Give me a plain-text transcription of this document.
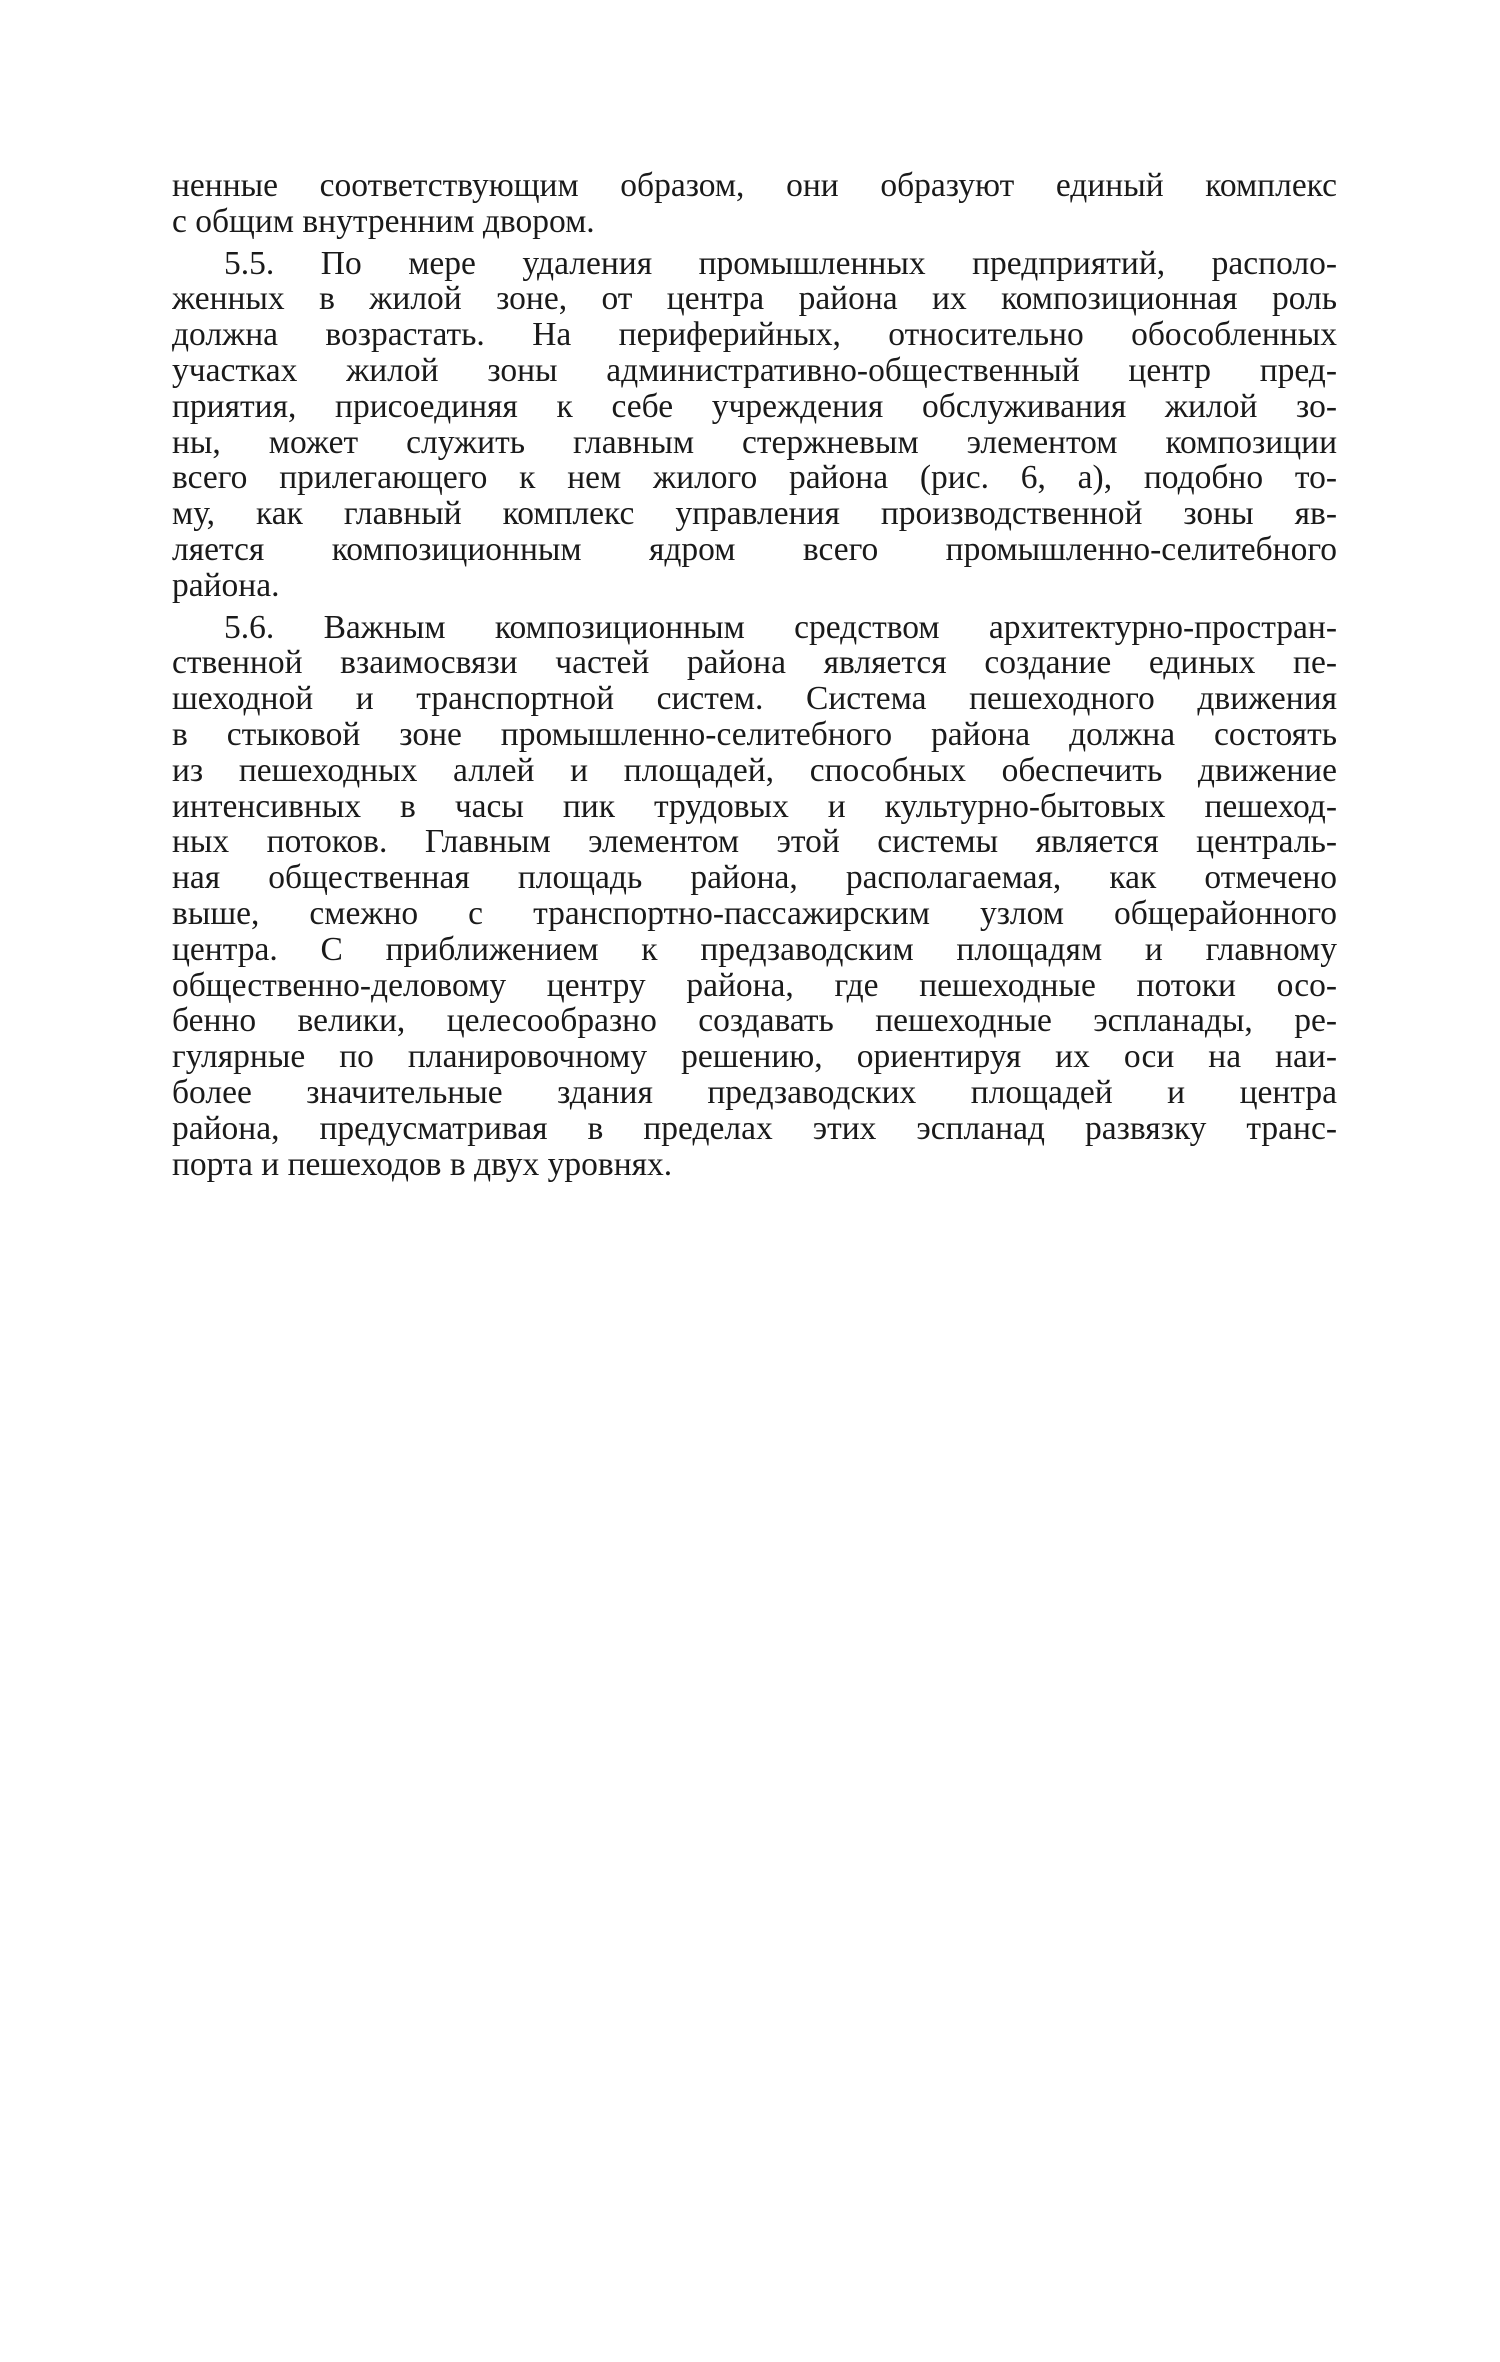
ненные соответствующим образом, они образуют единый комплекс
с общим внутренним двором.
5.5. По мере удаления промышленных предприятий, располо-
женных в жилой зоне, от центра района их композиционная роль
должна возрастать. На периферийных, относительно обособленных
участках жилой зоны административно-общественный центр пред-
приятия, присоединяя к себе учреждения обслуживания жилой зо-
ны, может служить главным стержневым элементом композиции
всего прилегающего к нем жилого района (рис. 6, а), подобно то-
му, как главный комплекс управления производственной зоны яв-
ляется композиционным ядром всего промышленно-селитебного
района.
5.6. Важным композиционным средством архитектурно-простран-
ственной взаимосвязи частей района является создание единых пе-
шеходной и транспортной систем. Система пешеходного движения
в стыковой зоне промышленно-селитебного района должна состоять
из пешеходных аллей и площадей, способных обеспечить движение
интенсивных в часы пик трудовых и культурно-бытовых пешеход-
ных потоков. Главным элементом этой системы является централь-
ная общественная площадь района, располагаемая, как отмечено
выше, смежно с транспортно-пассажирским узлом общерайонного
центра. С приближением к предзаводским площадям и главному
общественно-деловому центру района, где пешеходные потоки осо-
бенно велики, целесообразно создавать пешеходные эспланады, ре-
гулярные по планировочному решению, ориентируя их оси на наи-
более значительные здания предзаводских площадей и центра
района, предусматривая в пределах этих эспланад развязку транс-
порта и пешеходов в двух уровнях.
